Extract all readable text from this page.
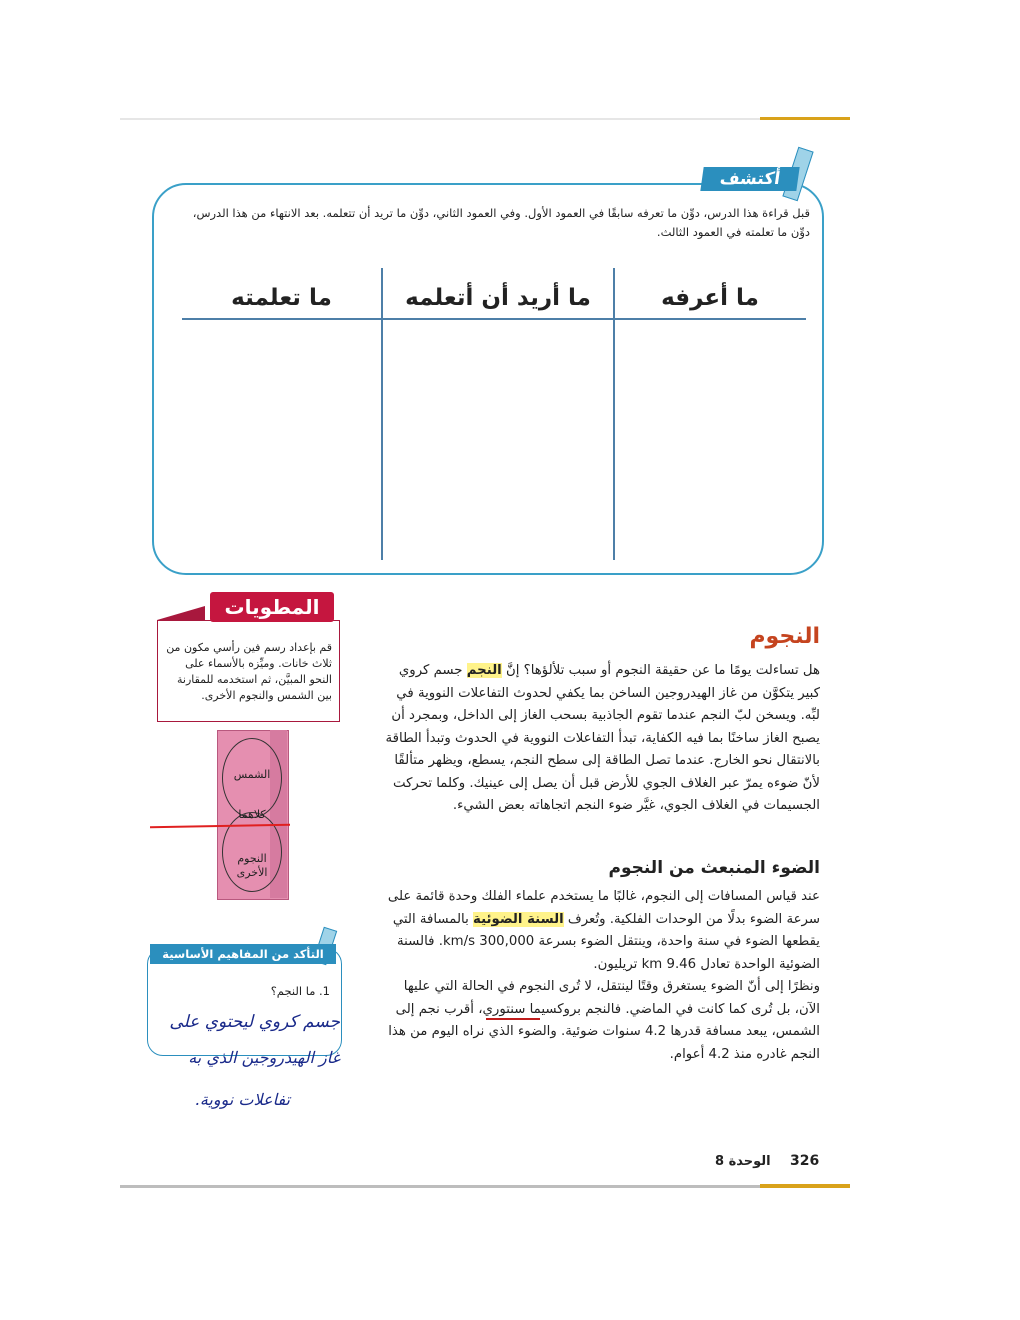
أكتشف
قبل قراءة هذا الدرس، دوِّن ما تعرفه سابقًا في العمود الأول. وفي العمود الثاني، دوِّن ما تريد أن تتعلمه. بعد الانتهاء من هذا الدرس، دوِّن ما تعلمته في العمود الثالث.
ما أعرفه
ما أريد أن أتعلمه
ما تعلمته
المطويات
قم بإعداد رسم فين رأسي مكون من ثلاث خانات. وميِّزه بالأسماء على النحو المبيَّن، ثم استخدمه للمقارنة بين الشمس والنجوم الأخرى.
الشمس
كلاهما
النجوم الأخرى
التأكد من المفاهيم الأساسية
1. ما النجم؟
جسم كروي ليحتوي على
غاز الهيدروجين الذي به
تفاعلات نووية.
النجوم
هل تساءلت يومًا ما عن حقيقة النجوم أو سبب تلألؤها؟ إنَّ النجم جسم كروي كبير يتكوَّن من غاز الهيدروجين الساخن بما يكفي لحدوث التفاعلات النووية في لبِّه. ويسخن لبّ النجم عندما تقوم الجاذبية بسحب الغاز إلى الداخل، وبمجرد أن يصبح الغاز ساخنًا بما فيه الكفاية، تبدأ التفاعلات النووية في الحدوث وتبدأ الطاقة بالانتقال نحو الخارج. عندما تصل الطاقة إلى سطح النجم، يسطع، ويظهر متألقًا لأنّ ضوءه يمرّ عبر الغلاف الجوي للأرض قبل أن يصل إلى عينيك. وكلما تحركت الجسيمات في الغلاف الجوي، غيَّر ضوء النجم اتجاهاته بعض الشيء.
الضوء المنبعث من النجوم
عند قياس المسافات إلى النجوم، غالبًا ما يستخدم علماء الفلك وحدة قائمة على سرعة الضوء بدلًا من الوحدات الفلكية. وتُعرف السنة الضوئية بالمسافة التي يقطعها الضوء في سنة واحدة، وينتقل الضوء بسرعة 300,000 km/s. فالسنة الضوئية الواحدة تعادل 9.46 km تريليون.
ونظرًا إلى أنّ الضوء يستغرق وقتًا لينتقل، لا تُرى النجوم في الحالة التي عليها الآن، بل تُرى كما كانت في الماضي. فالنجم بروكسيما سنتوري، أقرب نجم إلى الشمس، يبعد مسافة قدرها 4.2 سنوات ضوئية. والضوء الذي نراه اليوم من هذا النجم غادره منذ 4.2 أعوام.
326
الوحدة 8
